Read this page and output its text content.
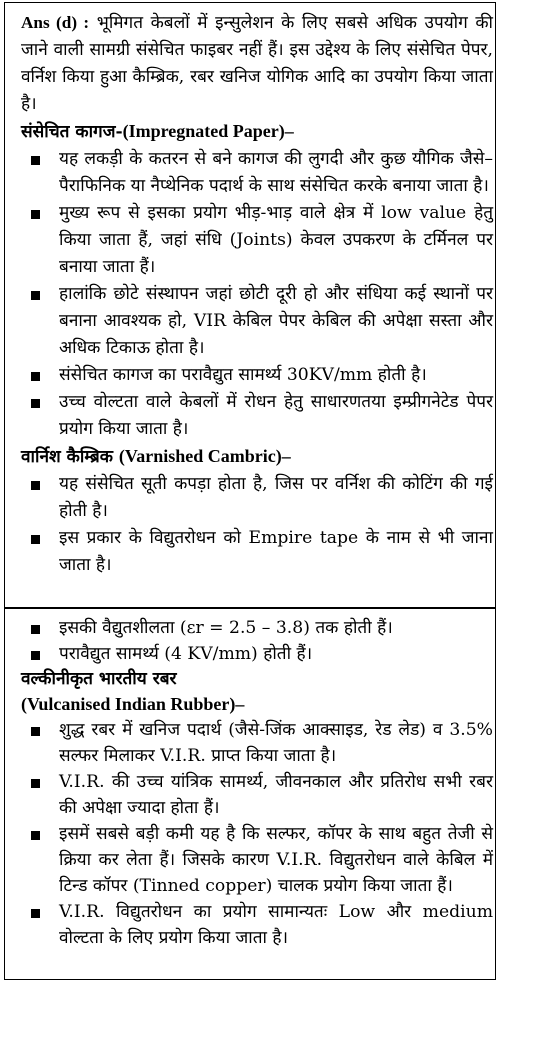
Ans (d) : भूमिगत केबलों में इन्सुलेशन के लिए सबसे अधिक उपयोग की जाने वाली सामग्री संसेचित फाइबर नहीं हैं। इस उद्देश्य के लिए संसेचित पेपर, वर्निश किया हुआ कैम्ब्रिक, रबर खनिज योगिक आदि का उपयोग किया जाता है।
संसेचित कागज-(Impregnated Paper)–
यह लकड़ी के कतरन से बने कागज की लुगदी और कुछ यौगिक जैसे– पैराफिनिक या नैप्थेनिक पदार्थ के साथ संसेचित करके बनाया जाता है।
मुख्य रूप से इसका प्रयोग भीड़-भाड़ वाले क्षेत्र में low value हेतु किया जाता हैं, जहां संधि (Joints) केवल उपकरण के टर्मिनल पर बनाया जाता हैं।
हालांकि छोटे संस्थापन जहां छोटी दूरी हो और संधिया कई स्थानों पर बनाना आवश्यक हो, VIR केबिल पेपर केबिल की अपेक्षा सस्ता और अधिक टिकाऊ होता है।
संसेचित कागज का परावैद्युत सामर्थ्य 30KV/mm होती है।
उच्च वोल्टता वाले केबलों में रोधन हेतु साधारणतया इम्प्रीगनेटेड पेपर प्रयोग किया जाता है।
वार्निश कैम्ब्रिक (Varnished Cambric)–
यह संसेचित सूती कपड़ा होता है, जिस पर वर्निश की कोटिंग की गई होती है।
इस प्रकार के विद्युतरोधन को Empire tape के नाम से भी जाना जाता है।
इसकी वैद्युतशीलता (εr = 2.5 – 3.8) तक होती हैं।
परावैद्युत सामर्थ्य (4 KV/mm) होती हैं।
वल्कीनीकृत भारतीय रबर
(Vulcanised Indian Rubber)–
शुद्ध रबर में खनिज पदार्थ (जैसे-जिंक आक्साइड, रेड लेड) व 3.5% सल्फर मिलाकर V.I.R. प्राप्त किया जाता है।
V.I.R. की उच्च यांत्रिक सामर्थ्य, जीवनकाल और प्रतिरोध सभी रबर की अपेक्षा ज्यादा होता हैं।
इसमें सबसे बड़ी कमी यह है कि सल्फर, कॉपर के साथ बहुत तेजी से क्रिया कर लेता हैं। जिसके कारण V.I.R. विद्युतरोधन वाले केबिल में टिन्ड कॉपर (Tinned copper) चालक प्रयोग किया जाता हैं।
V.I.R. विद्युतरोधन का प्रयोग सामान्यतः Low और medium वोल्टता के लिए प्रयोग किया जाता है।
